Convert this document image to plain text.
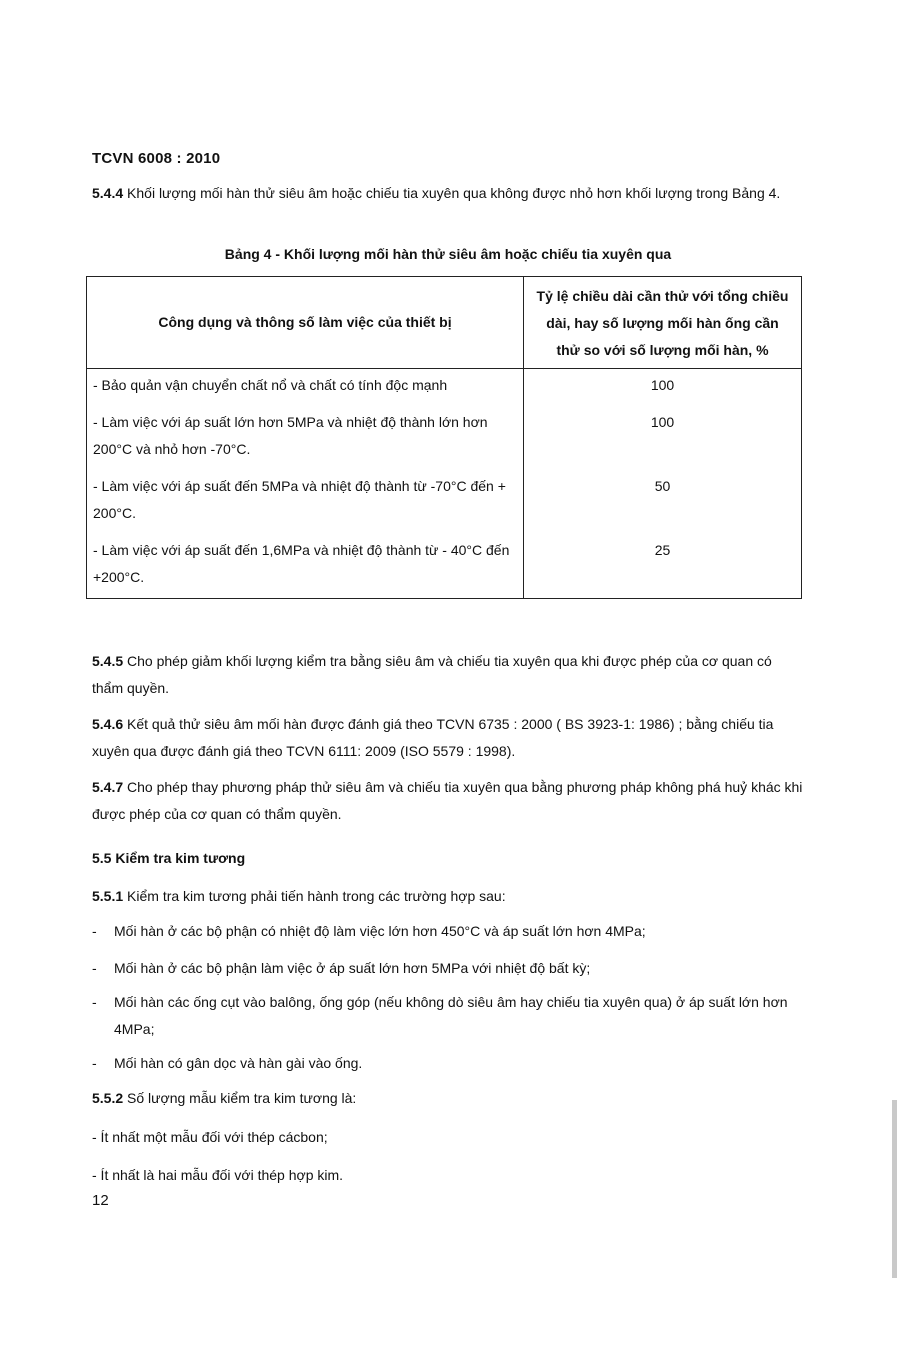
TCVN 6008 : 2010
5.4.4 Khối lượng mối hàn thử siêu âm hoặc chiếu tia xuyên qua không được nhỏ hơn khối lượng trong Bảng 4.
Bảng 4 - Khối lượng mối hàn thử siêu âm hoặc chiếu tia xuyên qua
Công dụng và thông số làm việc của thiết bị	Tỷ lệ chiều dài cần thử với tổng chiều dài, hay số lượng mối hàn ống cần thử so với số lượng mối hàn, %
- Bảo quản vận chuyển chất nổ và chất có tính độc mạnh	100
- Làm việc với áp suất lớn hơn 5MPa và nhiệt độ thành lớn hơn 200°C và nhỏ hơn -70°C.	100
- Làm việc với áp suất đến 5MPa và nhiệt độ thành từ -70°C đến + 200°C.	50
- Làm việc với áp suất đến 1,6MPa và nhiệt độ thành từ - 40°C đến +200°C.	25
5.4.5 Cho phép giảm khối lượng kiểm tra bằng siêu âm và chiếu tia xuyên qua khi được phép của cơ quan có thẩm quyền.
5.4.6 Kết quả thử siêu âm mối hàn được đánh giá theo TCVN 6735 : 2000 ( BS 3923-1: 1986) ; bằng chiếu tia xuyên qua được đánh giá theo TCVN 6111: 2009 (ISO 5579 : 1998).
5.4.7 Cho phép thay phương pháp thử siêu âm và chiếu tia xuyên qua bằng phương pháp không phá huỷ khác khi được phép của cơ quan có thẩm quyền.
5.5 Kiểm tra kim tương
5.5.1 Kiểm tra kim tương phải tiến hành trong các trường hợp sau:
-	Mối hàn ở các bộ phận có nhiệt độ làm việc lớn hơn 450°C và áp suất lớn hơn 4MPa;
-	Mối hàn ở các bộ phận làm việc ở áp suất lớn hơn 5MPa với nhiệt độ bất kỳ;
-	Mối hàn các ống cụt vào balông, ống góp (nếu không dò siêu âm hay chiếu tia xuyên qua) ở áp suất lớn hơn 4MPa;
-	Mối hàn có gân dọc và hàn gài vào ống.
5.5.2 Số lượng mẫu kiểm tra kim tương là:
- Ít nhất một mẫu đối với thép cácbon;
- Ít nhất là hai mẫu đối với thép hợp kim.
12
